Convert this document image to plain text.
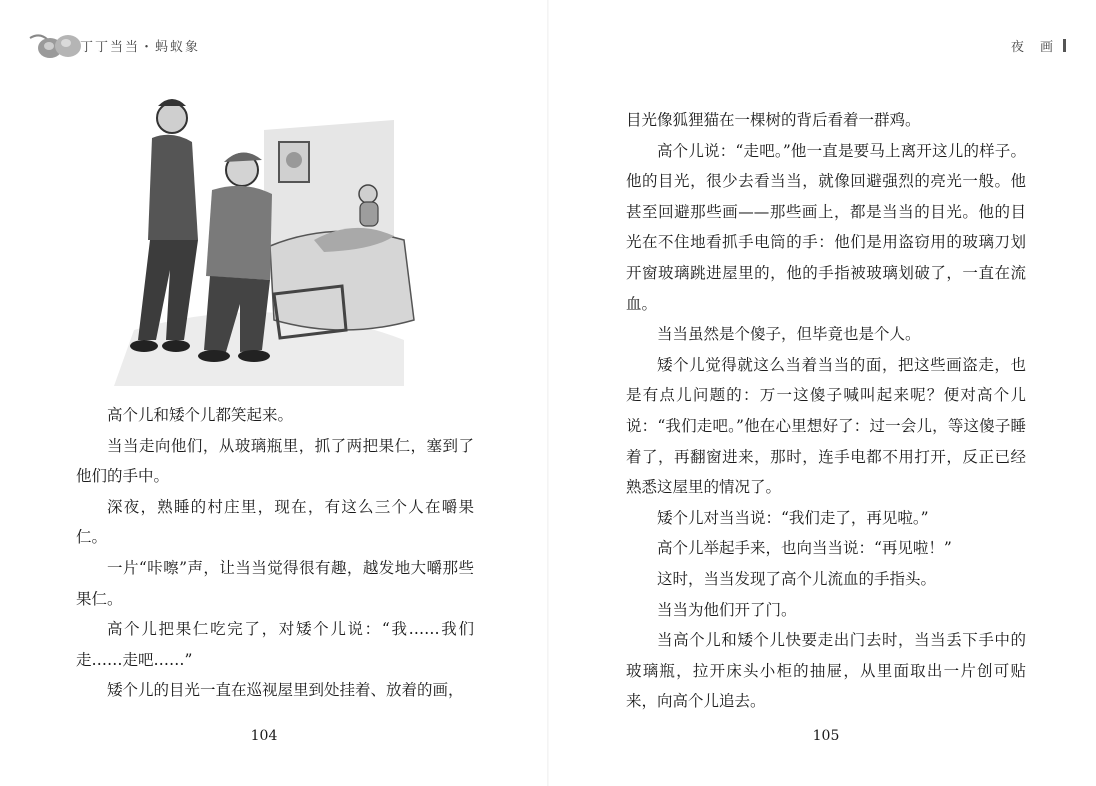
丁丁当当・蚂蚁象

高个儿和矮个儿都笑起来。

当当走向他们，从玻璃瓶里，抓了两把果仁，塞到了他们的手中。

深夜，熟睡的村庄里，现在，有这么三个人在嚼果仁。

一片“咔嚓”声，让当当觉得很有趣，越发地大嚼那些果仁。

高个儿把果仁吃完了，对矮个儿说：“我……我们走……走吧……”

矮个儿的目光一直在巡视屋里到处挂着、放着的画，

104
夜 画

目光像狐狸猫在一棵树的背后看着一群鸡。

高个儿说：“走吧。”他一直是要马上离开这儿的样子。他的目光，很少去看当当，就像回避强烈的亮光一般。他甚至回避那些画——那些画上，都是当当的目光。他的目光在不住地看抓手电筒的手：他们是用盗窃用的玻璃刀划开窗玻璃跳进屋里的，他的手指被玻璃划破了，一直在流血。

当当虽然是个傻子，但毕竟也是个人。

矮个儿觉得就这么当着当当的面，把这些画盗走，也是有点儿问题的：万一这傻子喊叫起来呢？便对高个儿说：“我们走吧。”他在心里想好了：过一会儿，等这傻子睡着了，再翻窗进来，那时，连手电都不用打开，反正已经熟悉这屋里的情况了。

矮个儿对当当说：“我们走了，再见啦。”

高个儿举起手来，也向当当说：“再见啦！”

这时，当当发现了高个儿流血的手指头。

当当为他们开了门。

当高个儿和矮个儿快要走出门去时，当当丢下手中的玻璃瓶，拉开床头小柜的抽屉，从里面取出一片创可贴来，向高个儿追去。

105
